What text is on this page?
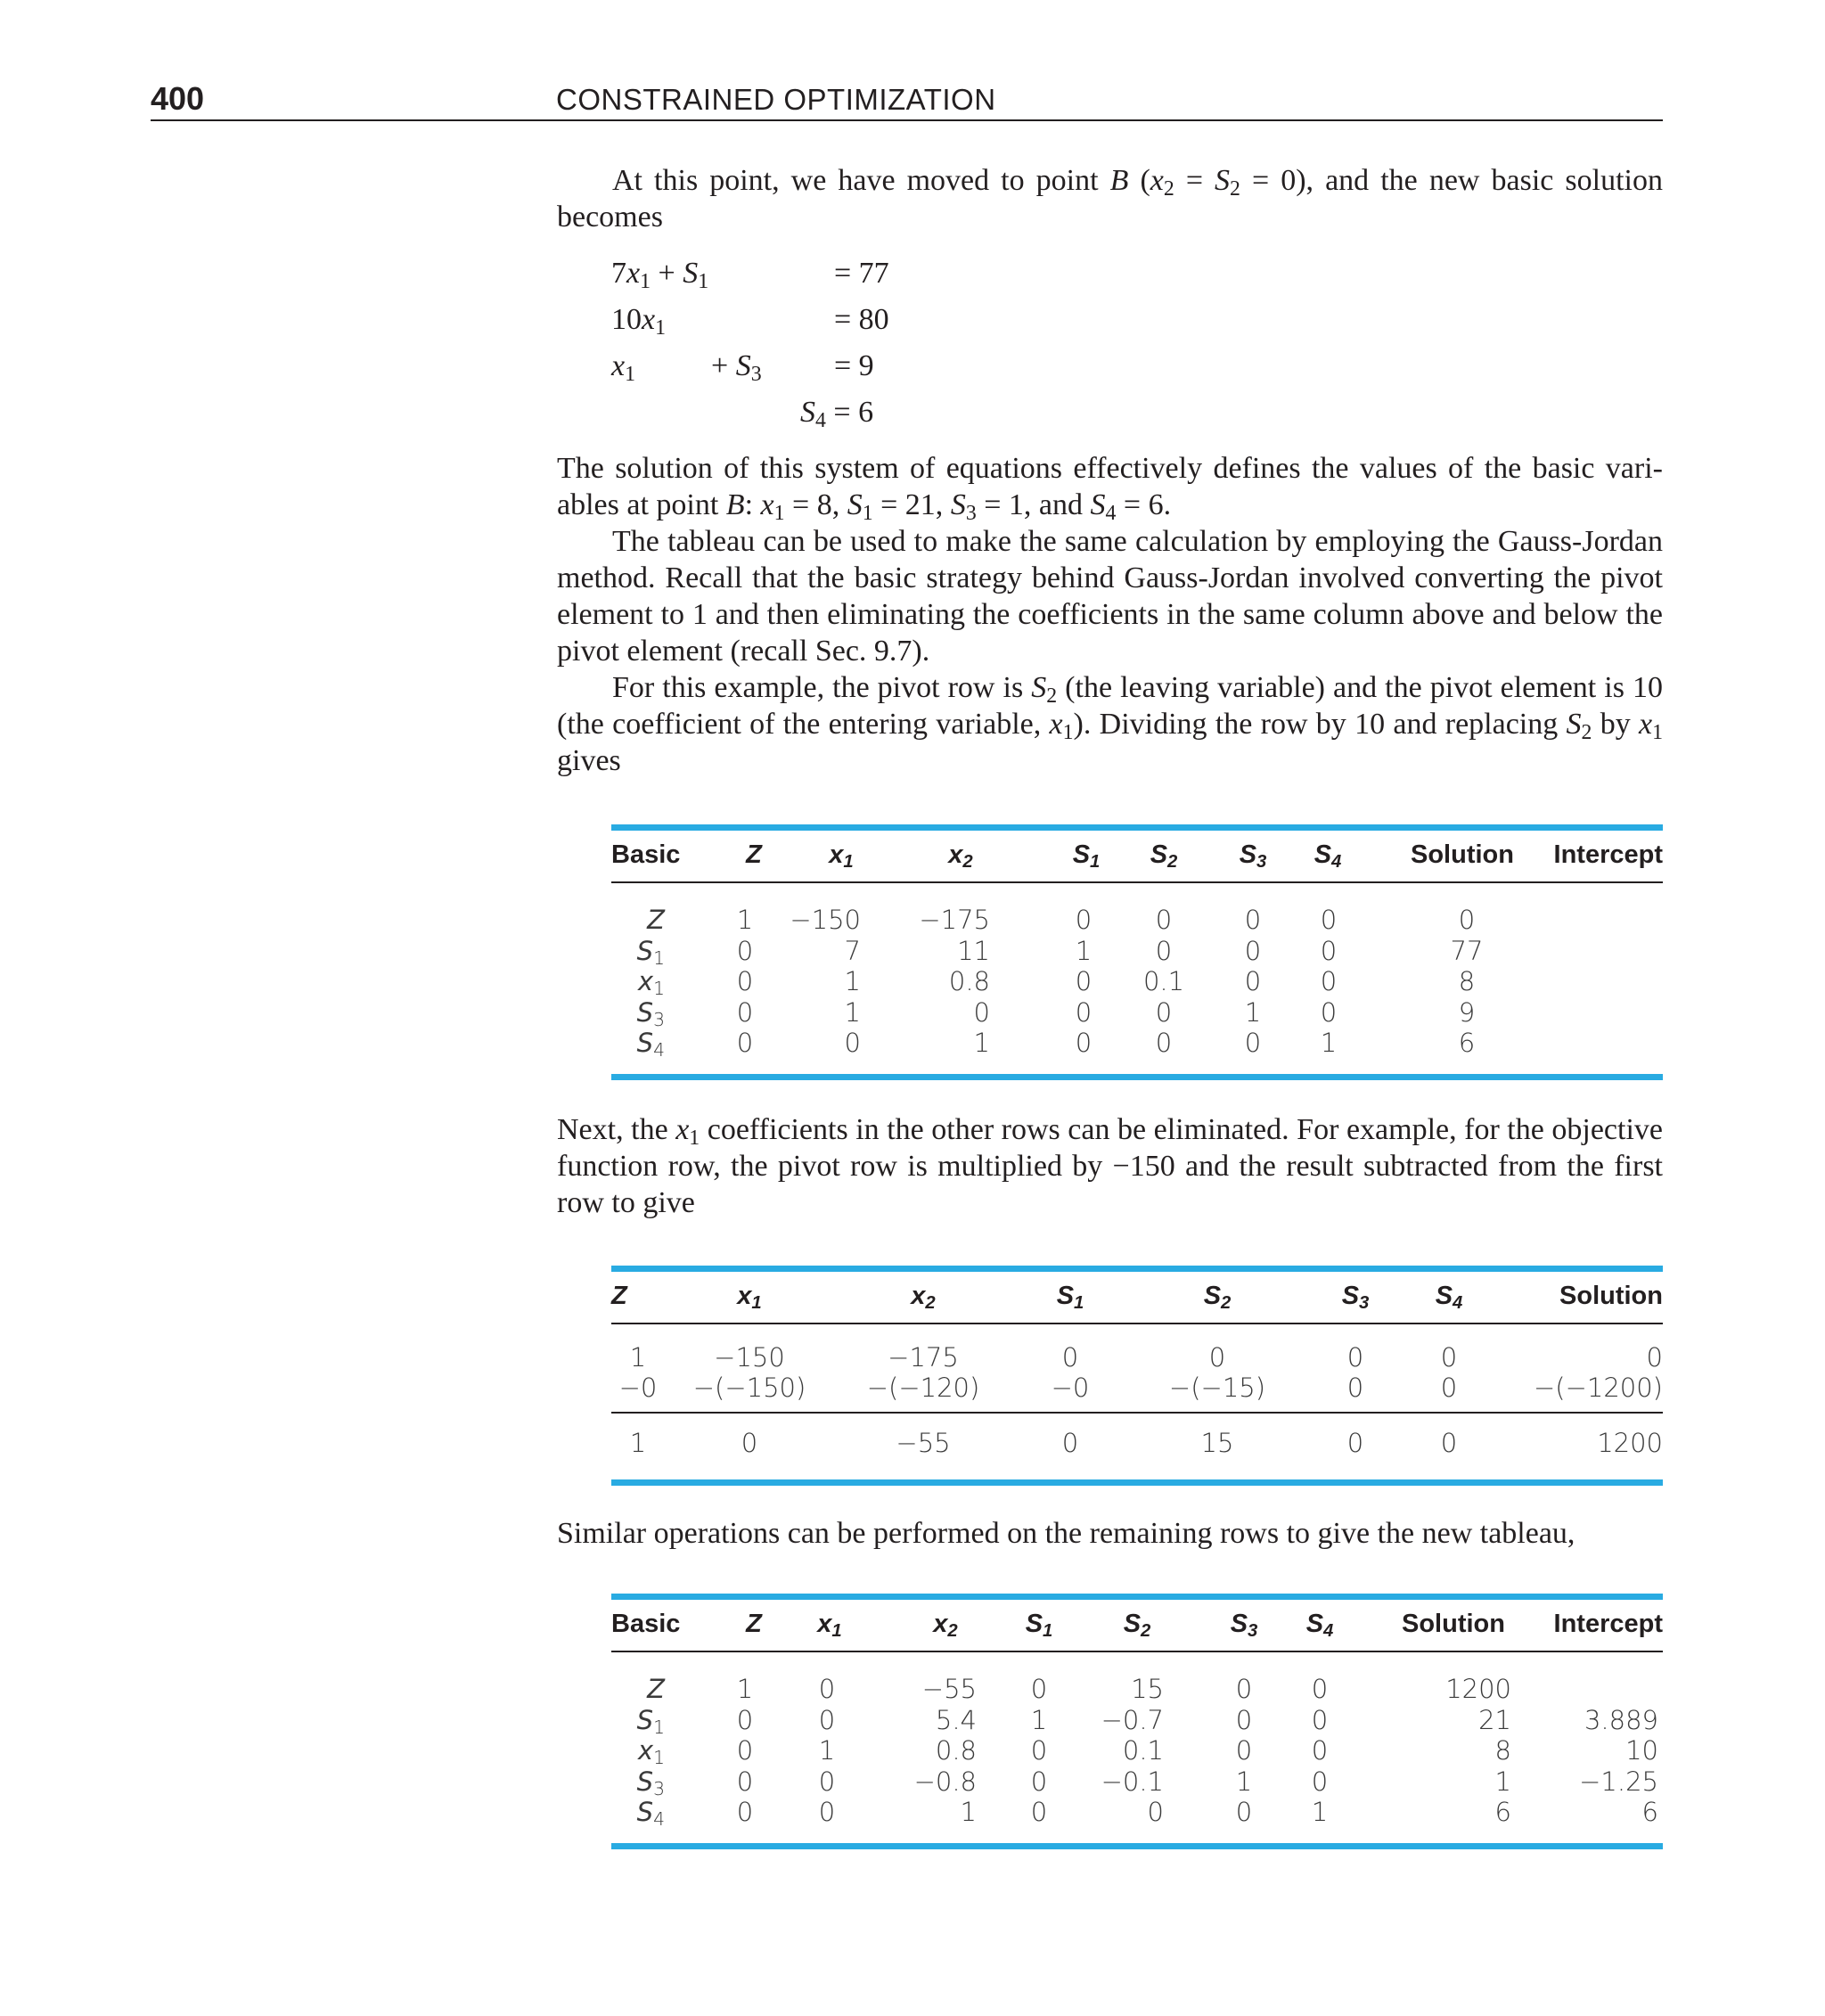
400	CONSTRAINED OPTIMIZATION

At this point, we have moved to point B $(x_2 = S_2 = 0)$, and the new basic solution becomes

$7x_1 + S_1$	= 77
$10x_1$	= 80
$x_1$	+ $S_3 = 9$
$S_4 = 6$

The solution of this system of equations effectively defines the values of the basic vari-ables at point B: $x_1 = 8$, $S_1 = 21$, $S_3 = 1$, and $S_4 = 6$.

The tableau can be used to make the same calculation by employing the Gauss-Jordan method. Recall that the basic strategy behind Gauss-Jordan involved converting the pivot element to 1 and then eliminating the coefficients in the same column above and below the pivot element (recall Sec. 9.7).

For this example, the pivot row is $S_2$ (the leaving variable) and the pivot element is 10 (the coefficient of the entering variable, $x_1$). Dividing the row by 10 and replacing $S_2$ by $x_1$ gives

Basic	Z	$x_1$	$x_2$	$S_1$	$S_2$	$S_3$	$S_4$	Solution	Intercept
Z	1	−150	−175	0	0	0	0	0
$S_1$	0	7	11	1	0	0	0	77
$x_1$	0	1	0.8	0	0.1	0	0	8
$S_3$	0	1	0	0	0	1	0	9
$S_4$	0	0	1	0	0	0	1	6

Next, the $x_1$ coefficients in the other rows can be eliminated. For example, for the objective function row, the pivot row is multiplied by −150 and the result subtracted from the first row to give

Z	$x_1$	$x_2$	$S_1$	$S_2$	$S_3$	$S_4$	Solution
1	−150	−175	0	0	0	0	0
−0	−(−150)	−(−120)	−0	−(−15)	0	0	−(−1200)
1	0	−55	0	15	0	0	1200

Similar operations can be performed on the remaining rows to give the new tableau,

Basic	Z	$x_1$	$x_2$	$S_1$	$S_2$	$S_3$	$S_4$	Solution	Intercept
Z	1	0	−55	0	15	0	0	1200
$S_1$	0	0	5.4	1	−0.7	0	0	21	3.889
$x_1$	0	1	0.8	0	0.1	0	0	8	10
$S_3$	0	0	−0.8	0	−0.1	1	0	1	−1.25
$S_4$	0	0	1	0	0	0	1	6	6
